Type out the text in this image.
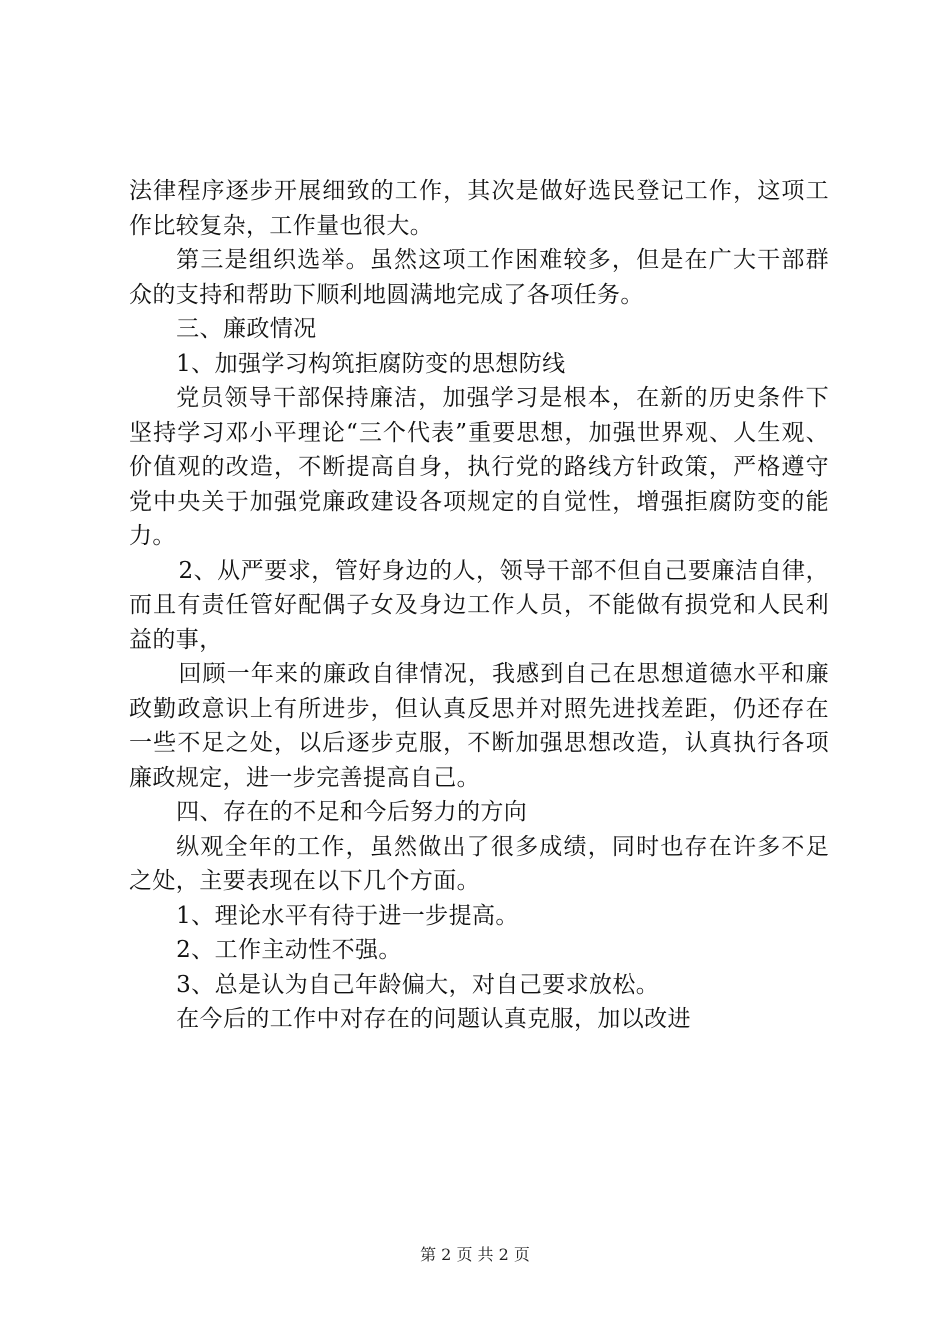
法律程序逐步开展细致的工作，其次是做好选民登记工作，这项工作比较复杂，工作量也很大。

第三是组织选举。虽然这项工作困难较多，但是在广大干部群众的支持和帮助下顺利地圆满地完成了各项任务。

三、廉政情况

1、加强学习构筑拒腐防变的思想防线

党员领导干部保持廉洁，加强学习是根本，在新的历史条件下坚持学习邓小平理论“三个代表”重要思想，加强世界观、人生观、价值观的改造，不断提高自身，执行党的路线方针政策，严格遵守党中央关于加强党廉政建设各项规定的自觉性，增强拒腐防变的能力。

2、从严要求，管好身边的人，领导干部不但自己要廉洁自律，而且有责任管好配偶子女及身边工作人员，不能做有损党和人民利益的事，

回顾一年来的廉政自律情况，我感到自己在思想道德水平和廉政勤政意识上有所进步，但认真反思并对照先进找差距，仍还存在一些不足之处，以后逐步克服，不断加强思想改造，认真执行各项廉政规定，进一步完善提高自己。

四、存在的不足和今后努力的方向

纵观全年的工作，虽然做出了很多成绩，同时也存在许多不足之处，主要表现在以下几个方面。

1、理论水平有待于进一步提高。

2、工作主动性不强。

3、总是认为自己年龄偏大，对自己要求放松。

在今后的工作中对存在的问题认真克服，加以改进

第 2 页 共 2 页
